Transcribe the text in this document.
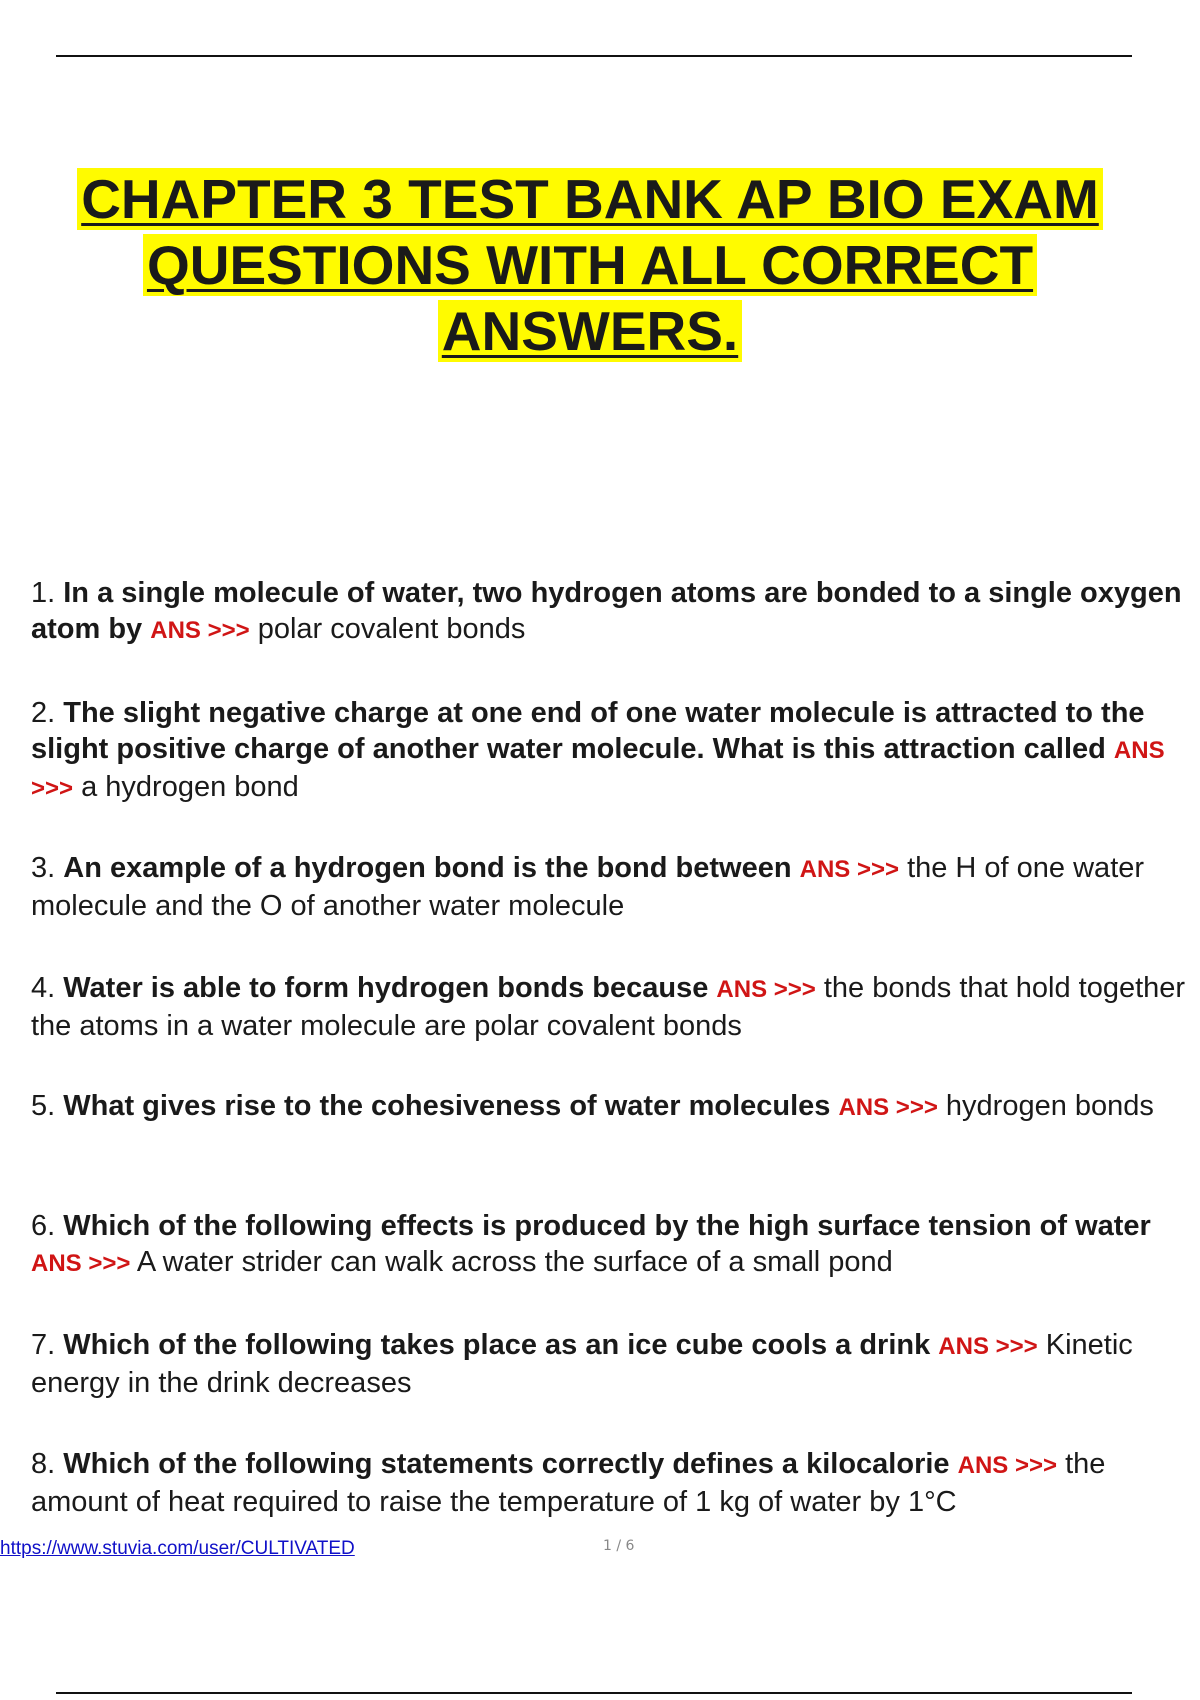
CHAPTER 3 TEST BANK AP BIO EXAM
QUESTIONS WITH ALL CORRECT
ANSWERS.

1. In a single molecule of water, two hydrogen atoms are bonded to a single oxygen atom by ANS >>> polar covalent bonds

2. The slight negative charge at one end of one water molecule is attracted to the slight positive charge of another water molecule. What is this attraction called ANS >>> a hydrogen bond

3. An example of a hydrogen bond is the bond between ANS >>> the H of one water molecule and the O of another water molecule

4. Water is able to form hydrogen bonds because ANS >>> the bonds that hold together the atoms in a water molecule are polar covalent bonds

5. What gives rise to the cohesiveness of water molecules ANS >>> hydrogen bonds

6. Which of the following effects is produced by the high surface tension of water ANS >>> A water strider can walk across the surface of a small pond

7. Which of the following takes place as an ice cube cools a drink ANS >>> Kinetic energy in the drink decreases

8. Which of the following statements correctly defines a kilocalorie ANS >>> the amount of heat required to raise the temperature of 1 kg of water by 1°C

https://www.stuvia.com/user/CULTIVATED	1 / 6
